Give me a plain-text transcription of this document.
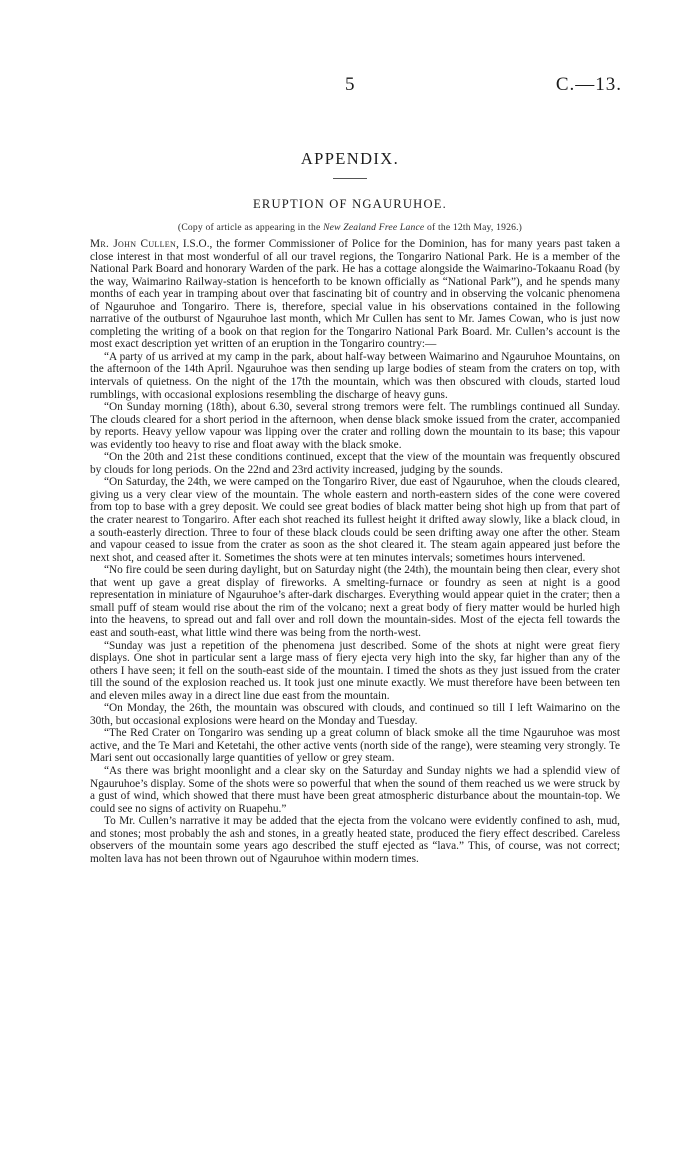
5	C.—13.
APPENDIX.
ERUPTION OF NGAURUHOE.
(Copy of article as appearing in the New Zealand Free Lance of the 12th May, 1926.)

Mr. John Cullen, I.S.O., the former Commissioner of Police for the Dominion, has for many years past taken a close interest in that most wonderful of all our travel regions, the Tongariro National Park. He is a member of the National Park Board and honorary Warden of the park. He has a cottage alongside the Waimarino-Tokaanu Road (by the way, Waimarino Railway-station is henceforth to be known officially as “National Park”), and he spends many months of each year in tramping about over that fascinating bit of country and in observing the volcanic phenomena of Ngauruhoe and Tongariro. There is, therefore, special value in his observations contained in the following narrative of the outburst of Ngauruhoe last month, which Mr Cullen has sent to Mr. James Cowan, who is just now completing the writing of a book on that region for the Tongariro National Park Board. Mr. Cullen’s account is the most exact description yet written of an eruption in the Tongariro country:—

“A party of us arrived at my camp in the park, about half-way between Waimarino and Ngauruhoe Mountains, on the afternoon of the 14th April. Ngauruhoe was then sending up large bodies of steam from the craters on top, with intervals of quietness. On the night of the 17th the mountain, which was then obscured with clouds, started loud rumblings, with occasional explosions resembling the discharge of heavy guns.

“On Sunday morning (18th), about 6.30, several strong tremors were felt. The rumblings continued all Sunday. The clouds cleared for a short period in the afternoon, when dense black smoke issued from the crater, accompanied by reports. Heavy yellow vapour was lipping over the crater and rolling down the mountain to its base; this vapour was evidently too heavy to rise and float away with the black smoke.

“On the 20th and 21st these conditions continued, except that the view of the mountain was frequently obscured by clouds for long periods. On the 22nd and 23rd activity increased, judging by the sounds.

“On Saturday, the 24th, we were camped on the Tongariro River, due east of Ngauruhoe, when the clouds cleared, giving us a very clear view of the mountain. The whole eastern and north-eastern sides of the cone were covered from top to base with a grey deposit. We could see great bodies of black matter being shot high up from that part of the crater nearest to Tongariro. After each shot reached its fullest height it drifted away slowly, like a black cloud, in a south-easterly direction. Three to four of these black clouds could be seen drifting away one after the other. Steam and vapour ceased to issue from the crater as soon as the shot cleared it. The steam again appeared just before the next shot, and ceased after it. Sometimes the shots were at ten minutes intervals; sometimes hours intervened.

“No fire could be seen during daylight, but on Saturday night (the 24th), the mountain being then clear, every shot that went up gave a great display of fireworks. A smelting-furnace or foundry as seen at night is a good representation in miniature of Ngauruhoe’s after-dark discharges. Everything would appear quiet in the crater; then a small puff of steam would rise about the rim of the volcano; next a great body of fiery matter would be hurled high into the heavens, to spread out and fall over and roll down the mountain-sides. Most of the ejecta fell towards the east and south-east, what little wind there was being from the north-west.

“Sunday was just a repetition of the phenomena just described. Some of the shots at night were great fiery displays. One shot in particular sent a large mass of fiery ejecta very high into the sky, far higher than any of the others I have seen; it fell on the south-east side of the mountain. I timed the shots as they just issued from the crater till the sound of the explosion reached us. It took just one minute exactly. We must therefore have been between ten and eleven miles away in a direct line due east from the mountain.

“On Monday, the 26th, the mountain was obscured with clouds, and continued so till I left Waimarino on the 30th, but occasional explosions were heard on the Monday and Tuesday.

“The Red Crater on Tongariro was sending up a great column of black smoke all the time Ngauruhoe was most active, and the Te Mari and Ketetahi, the other active vents (north side of the range), were steaming very strongly. Te Mari sent out occasionally large quantities of yellow or grey steam.

“As there was bright moonlight and a clear sky on the Saturday and Sunday nights we had a splendid view of Ngauruhoe’s display. Some of the shots were so powerful that when the sound of them reached us we were struck by a gust of wind, which showed that there must have been great atmospheric disturbance about the mountain-top. We could see no signs of activity on Ruapehu.”

To Mr. Cullen’s narrative it may be added that the ejecta from the volcano were evidently confined to ash, mud, and stones; most probably the ash and stones, in a greatly heated state, produced the fiery effect described. Careless observers of the mountain some years ago described the stuff ejected as “lava.” This, of course, was not correct; molten lava has not been thrown out of Ngauruhoe within modern times.
